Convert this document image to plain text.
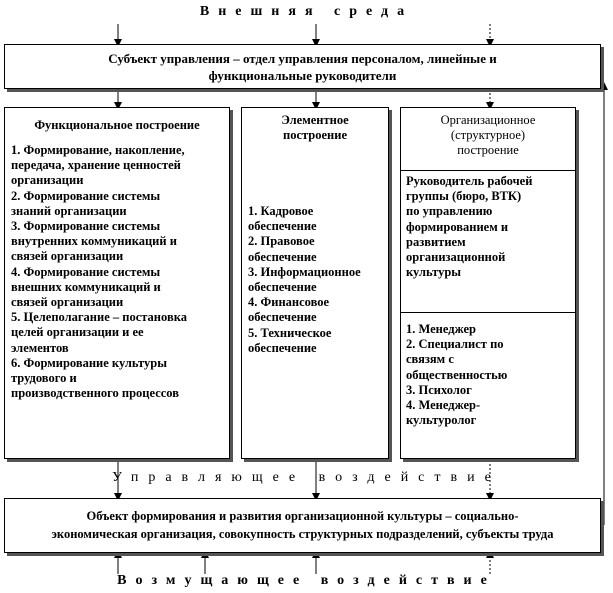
Внешняя среда
Субъект управления – отдел управления персоналом, линейные и
функциональные руководители
Функциональное построение
1. Формирование, накопление,
передача, хранение ценностей
организации
2. Формирование системы
знаний организации
3. Формирование системы
внутренних коммуникаций и
связей организации
4. Формирование системы
внешних коммуникаций и
связей организации
5. Целеполагание – постановка
целей организации и ее
элементов
6. Формирование культуры
трудового и
производственного процессов
Элементное
построение
1. Кадровое
обеспечение
2. Правовое
обеспечение
3. Информационное
обеспечение
4. Финансовое
обеспечение
5. Техническое
обеспечение
Организационное
(структурное)
построение
Руководитель рабочей
группы (бюро, ВТК)
по управлению
формированием и
развитием
организационной
культуры
1. Менеджер
2. Специалист по
связям с
общественностью
3. Психолог
4. Менеджер-
культуролог
Управляющее воздействие
Объект формирования и развития организационной культуры – социально-
экономическая организация, совокупность структурных подразделений, субъекты труда
Возмущающее воздействие
